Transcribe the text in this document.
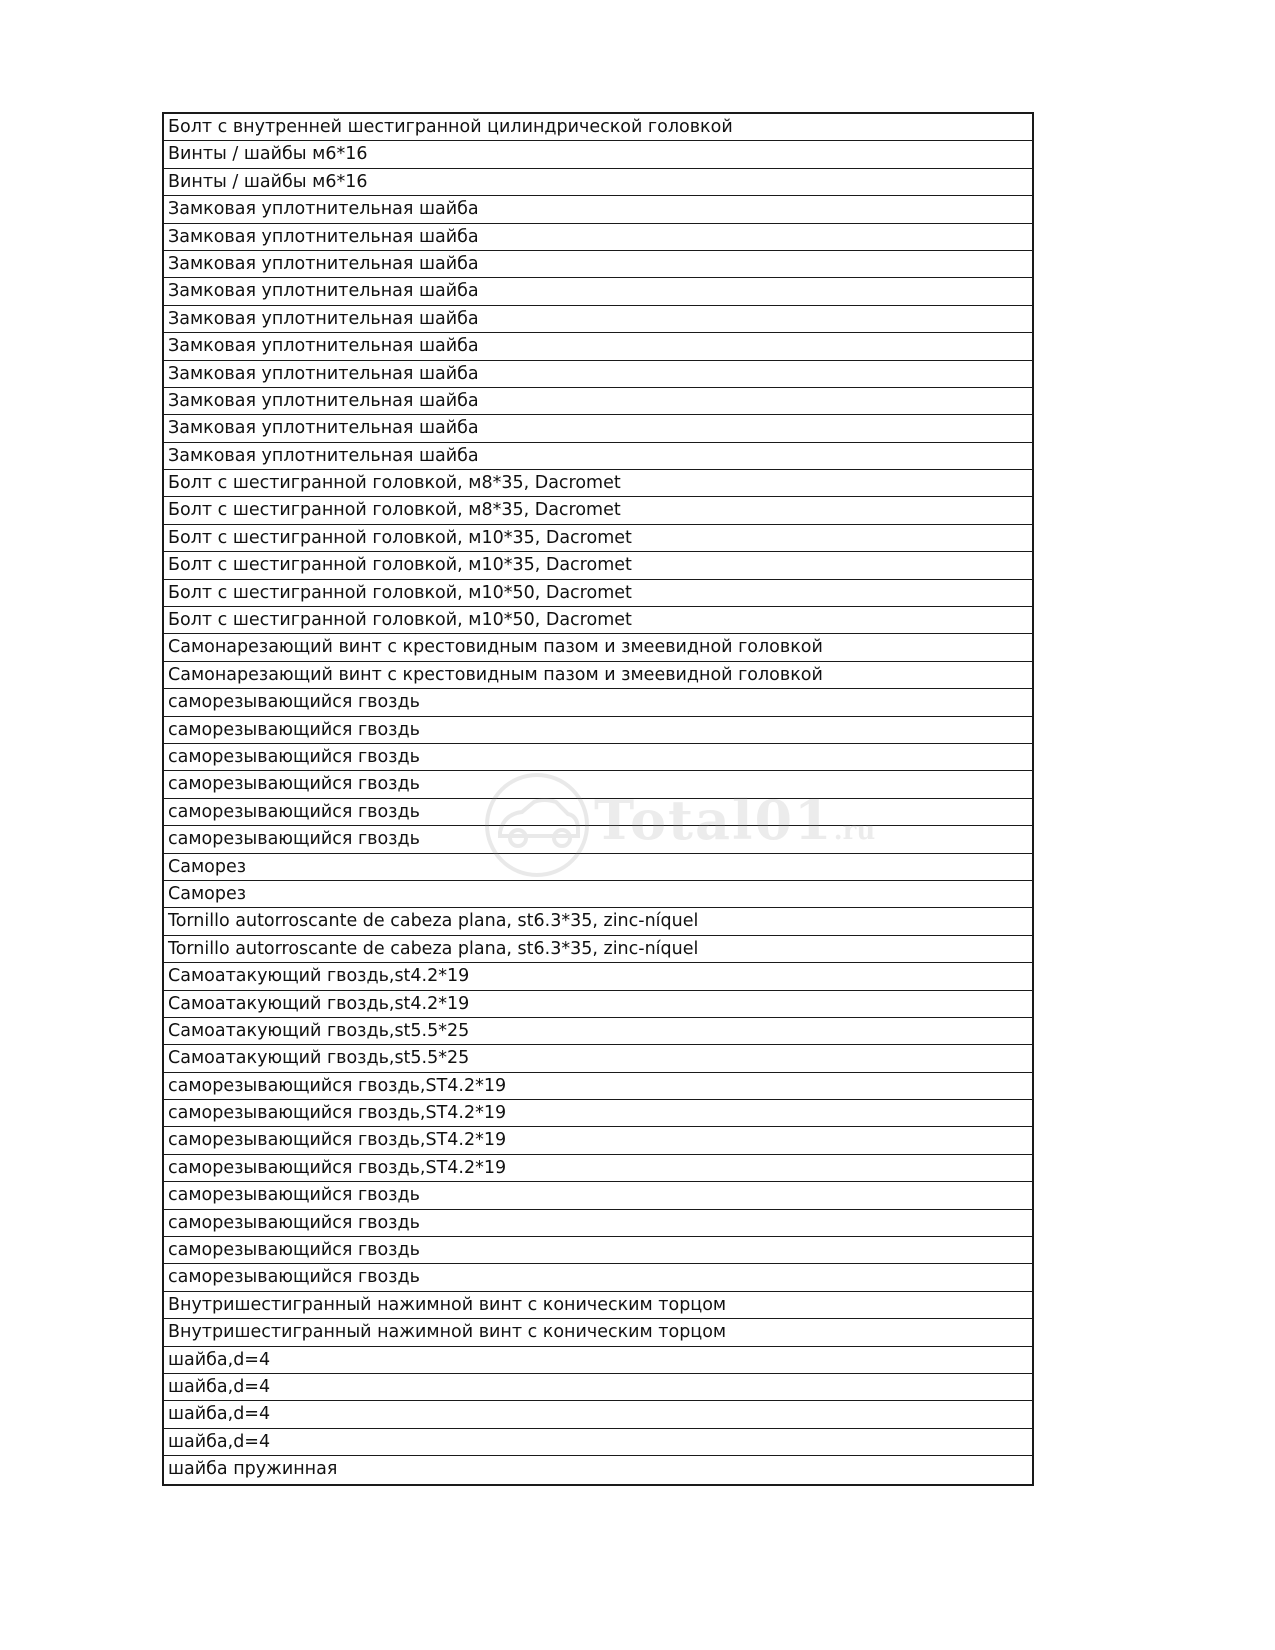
Болт с внутренней шестигранной цилиндрической головкой
Винты / шайбы м6*16
Винты / шайбы м6*16
Замковая уплотнительная шайба
Замковая уплотнительная шайба
Замковая уплотнительная шайба
Замковая уплотнительная шайба
Замковая уплотнительная шайба
Замковая уплотнительная шайба
Замковая уплотнительная шайба
Замковая уплотнительная шайба
Замковая уплотнительная шайба
Замковая уплотнительная шайба
Болт с шестигранной головкой, м8*35, Dacromet
Болт с шестигранной головкой, м8*35, Dacromet
Болт с шестигранной головкой, м10*35, Dacromet
Болт с шестигранной головкой, м10*35, Dacromet
Болт с шестигранной головкой, м10*50, Dacromet
Болт с шестигранной головкой, м10*50, Dacromet
Самонарезающий винт с крестовидным пазом и змеевидной головкой
Самонарезающий винт с крестовидным пазом и змеевидной головкой
саморезывающийся гвоздь
саморезывающийся гвоздь
саморезывающийся гвоздь
саморезывающийся гвоздь
саморезывающийся гвоздь
саморезывающийся гвоздь
Саморез
Саморез
Tornillo autorroscante de cabeza plana, st6.3*35, zinc-níquel
Tornillo autorroscante de cabeza plana, st6.3*35, zinc-níquel
Самоатакующий гвоздь,st4.2*19
Самоатакующий гвоздь,st4.2*19
Самоатакующий гвоздь,st5.5*25
Самоатакующий гвоздь,st5.5*25
саморезывающийся гвоздь,ST4.2*19
саморезывающийся гвоздь,ST4.2*19
саморезывающийся гвоздь,ST4.2*19
саморезывающийся гвоздь,ST4.2*19
саморезывающийся гвоздь
саморезывающийся гвоздь
саморезывающийся гвоздь
саморезывающийся гвоздь
Внутришестигранный нажимной винт с коническим торцом
Внутришестигранный нажимной винт с коническим торцом
шайба,d=4
шайба,d=4
шайба,d=4
шайба,d=4
шайба пружинная
Total01.ru
